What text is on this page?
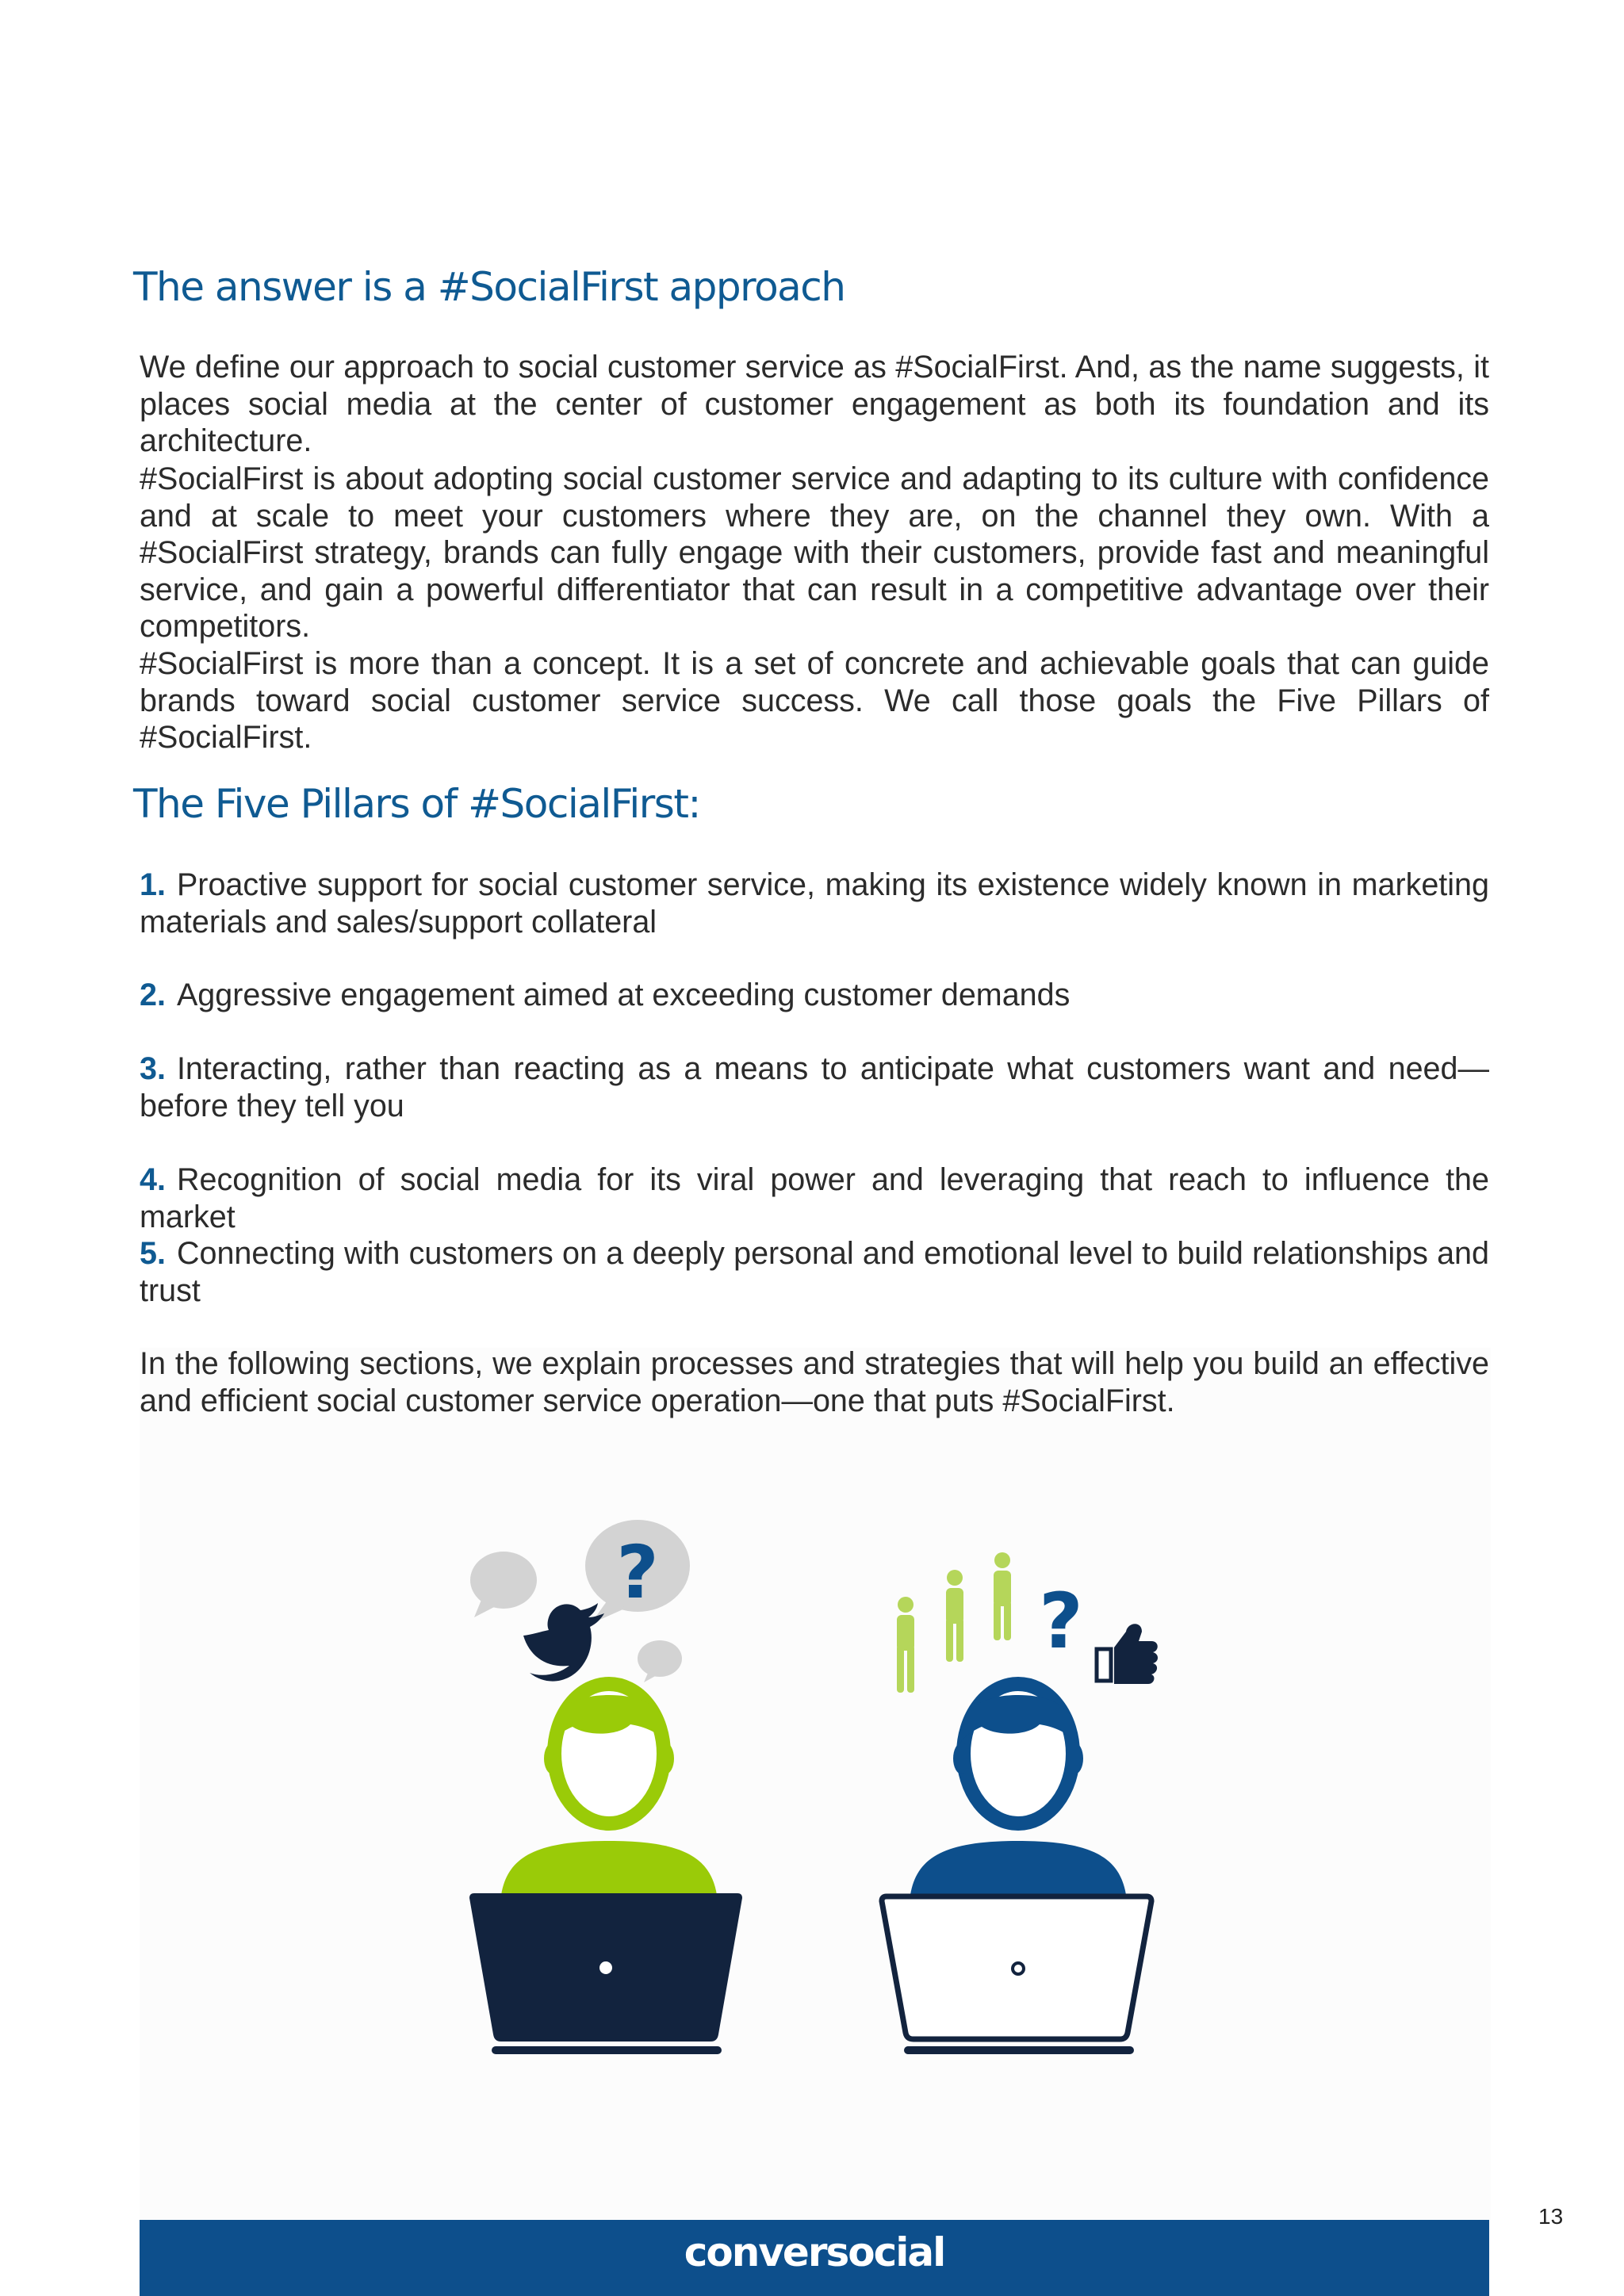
The answer is a #SocialFirst approach

We define our approach to social customer service as #SocialFirst. And, as the name suggests, it places social media at the center of customer engagement as both its foundation and its architecture.

#SocialFirst is about adopting social customer service and adapting to its culture with confidence and at scale to meet your customers where they are, on the channel they own. With a #SocialFirst strategy, brands can fully engage with their customers, provide fast and meaningful service, and gain a powerful differentiator that can result in a competitive advantage over their competitors.

#SocialFirst is more than a concept. It is a set of concrete and achievable goals that can guide brands toward social customer service success. We call those goals the Five Pillars of #SocialFirst.

The Five Pillars of #SocialFirst:

1. Proactive support for social customer service, making its existence widely known in marketing materials and sales/support collateral

2. Aggressive engagement aimed at exceeding customer demands

3. Interacting, rather than reacting as a means to anticipate what customers want and need—before they tell you

4. Recognition of social media for its viral power and leveraging that reach to influence the market

5. Connecting with customers on a deeply personal and emotional level to build relationships and trust

In the following sections, we explain processes and strategies that will help you build an effective and efficient social customer service operation—one that puts #SocialFirst.

?
?
conversocial
13
